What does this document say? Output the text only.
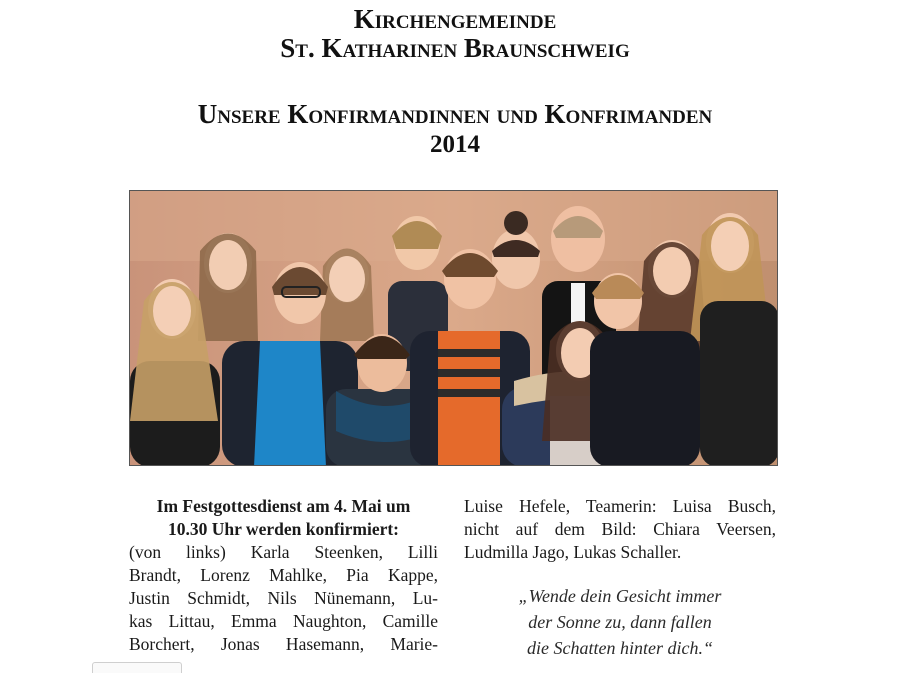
Kirchengemeinde
St. Katharinen Braunschweig
Unsere Konfirmandinnen und Konfrimanden
2014
Im Festgottesdienst am 4. Mai um
10.30 Uhr werden konfirmiert:
(von links) Karla Steenken, Lilli
Brandt, Lorenz Mahlke, Pia Kappe,
Justin Schmidt, Nils Nünemann, Lu-
kas Littau, Emma Naughton, Camille
Borchert, Jonas Hasemann, Marie-
Luise Hefele, Teamerin: Luisa Busch,
nicht auf dem Bild: Chiara Veersen,
Ludmilla Jago, Lukas Schaller.
„Wende dein Gesicht immer
der Sonne zu, dann fallen
die Schatten hinter dich.“
